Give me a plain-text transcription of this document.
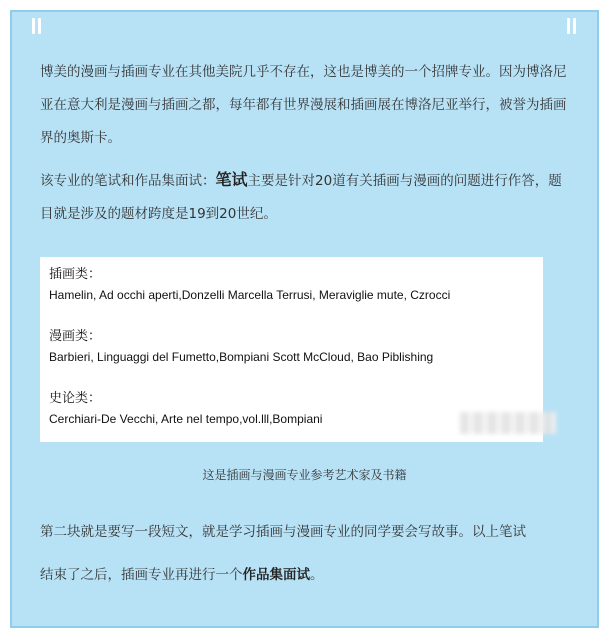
博美的漫画与插画专业在其他美院几乎不存在，这也是博美的一个招牌专业。因为博洛尼亚在意大利是漫画与插画之都，每年都有世界漫展和插画展在博洛尼亚举行，被誉为插画界的奥斯卡。

该专业的笔试和作品集面试：笔试主要是针对20道有关插画与漫画的问题进行作答，题目就是涉及的题材跨度是19到20世纪。

插画类：

Hamelin, Ad occhi aperti,Donzelli Marcella Terrusi, Meraviglie mute, Czrocci

漫画类：

Barbieri, Linguaggi del Fumetto,Bompiani Scott McCloud, Bao Piblishing

史论类：

Cerchiari-De Vecchi, Arte nel tempo,vol.lll,Bompiani

这是插画与漫画专业参考艺术家及书籍

第二块就是要写一段短文，就是学习插画与漫画专业的同学要会写故事。以上笔试

结束了之后，插画专业再进行一个作品集面试。
